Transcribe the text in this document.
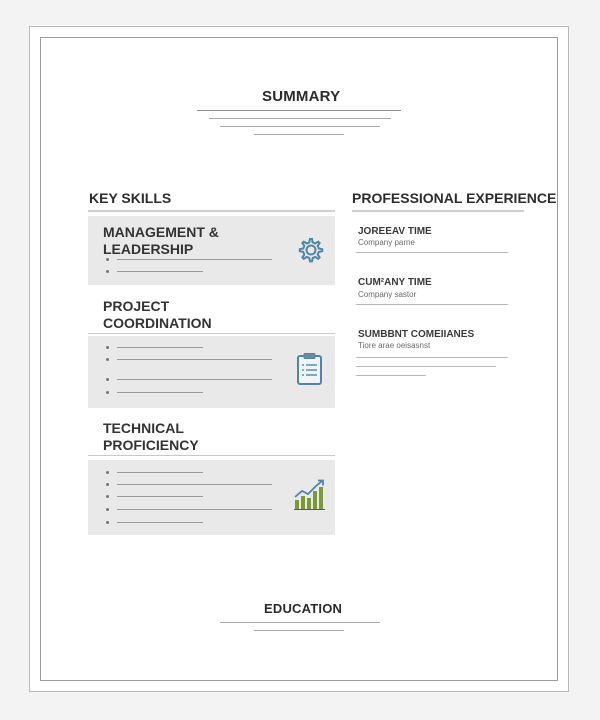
SUMMARY
KEY SKILLS
MANAGEMENT &
LEADERSHIP
PROJECT
COORDINATION
TECHNICAL
PROFICIENCY
PROFESSIONAL EXPERIENCE
JOREEAV TIME
Company parne
CUM²ANY TIME
Company sastor
SUMBBNT COMEIIANES
Tiore arae oeisasnst
EDUCATION
